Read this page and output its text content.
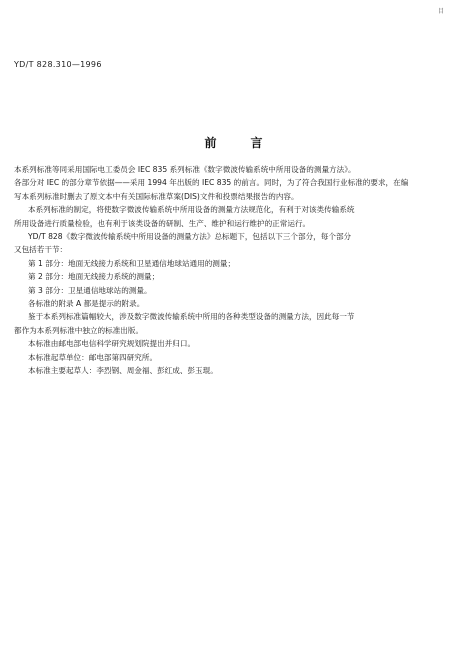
目
YD/T 828.310—1996
前言

本系列标准等同采用国际电工委员会 IEC 835 系列标准《数字微波传输系统中所用设备的测量方法》。

各部分对 IEC 的部分章节依据——采用 1994 年出版的 IEC 835 的前言。同时，为了符合我国行业标准的要求，在编

写本系列标准时删去了原文本中有关国际标准草案(DIS)文件和投票结果报告的内容。

本系列标准的制定，将使数字微波传输系统中所用设备的测量方法规范化，有利于对该类传输系统

所用设备进行质量检验，也有利于该类设备的研制、生产、维护和运行维护的正常运行。

YD/T 828《数字微波传输系统中所用设备的测量方法》总标题下，包括以下三个部分，每个部分

又包括若干节：

第 1 部分：地面无线接力系统和卫星通信地球站通用的测量；

第 2 部分：地面无线接力系统的测量；

第 3 部分：卫星通信地球站的测量。

各标准的附录 A 都是提示的附录。

鉴于本系列标准篇幅较大，涉及数字微波传输系统中所用的各种类型设备的测量方法，因此每一节

都作为本系列标准中独立的标准出版。

本标准由邮电部电信科学研究规划院提出并归口。

本标准起草单位：邮电部第四研究所。

本标准主要起草人：李烈钢、周金福、彭红成、彭玉琨。
